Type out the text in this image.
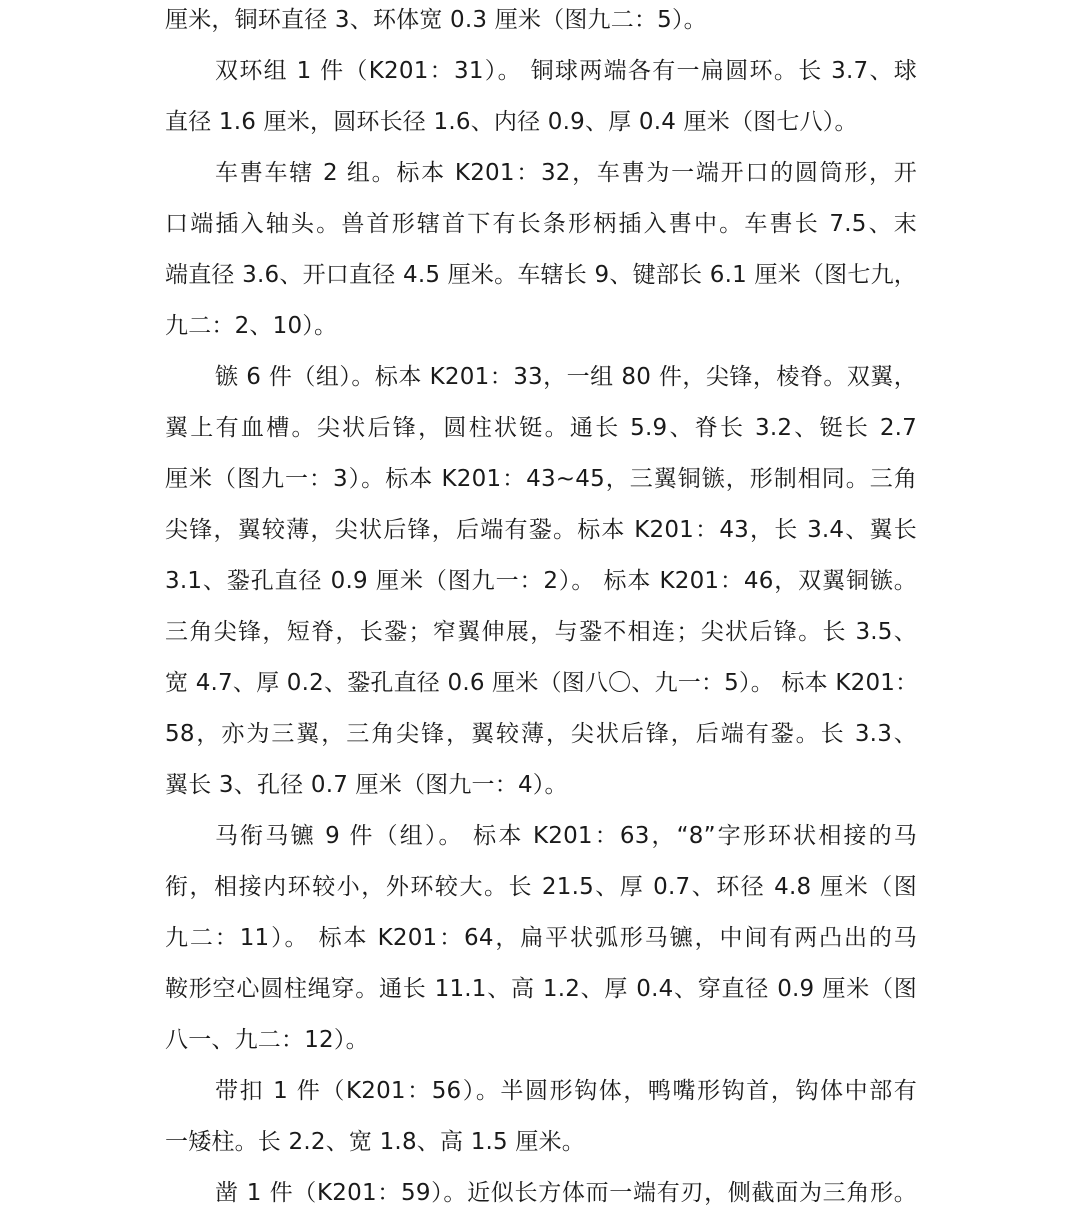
厘米，铜环直径 3、环体宽 0.3 厘米（图九二：5）。
双环组 1 件（K201：31）。 铜球两端各有一扁圆环。长 3.7、球
直径 1.6 厘米，圆环长径 1.6、内径 0.9、厚 0.4 厘米（图七八）。
车軎车辖 2 组。标本 K201：32，车軎为一端开口的圆筒形，开
口端插入轴头。兽首形辖首下有长条形柄插入軎中。车軎长 7.5、末
端直径 3.6、开口直径 4.5 厘米。车辖长 9、键部长 6.1 厘米（图七九，
九二：2、10）。
镞 6 件（组）。标本 K201：33，一组 80 件，尖锋，棱脊。双翼，
翼上有血槽。尖状后锋，圆柱状铤。通长 5.9、脊长 3.2、铤长 2.7
厘米（图九一：3）。标本 K201：43~45，三翼铜镞，形制相同。三角
尖锋，翼较薄，尖状后锋，后端有銎。标本 K201：43，长 3.4、翼长
3.1、銎孔直径 0.9 厘米（图九一：2）。 标本 K201：46，双翼铜镞。
三角尖锋，短脊，长銎；窄翼伸展，与銎不相连；尖状后锋。长 3.5、
宽 4.7、厚 0.2、銎孔直径 0.6 厘米（图八〇、九一：5）。 标本 K201：
58，亦为三翼，三角尖锋，翼较薄，尖状后锋，后端有銎。长 3.3、
翼长 3、孔径 0.7 厘米（图九一：4）。
马衔马镳 9 件（组）。 标本 K201：63，“8”字形环状相接的马
衔，相接内环较小，外环较大。长 21.5、厚 0.7、环径 4.8 厘米（图
九二：11）。 标本 K201：64，扁平状弧形马镳，中间有两凸出的马
鞍形空心圆柱绳穿。通长 11.1、高 1.2、厚 0.4、穿直径 0.9 厘米（图
八一、九二：12）。
带扣 1 件（K201：56）。半圆形钩体，鸭嘴形钩首，钩体中部有
一矮柱。长 2.2、宽 1.8、高 1.5 厘米。
凿 1 件（K201：59）。近似长方体而一端有刃，侧截面为三角形。
